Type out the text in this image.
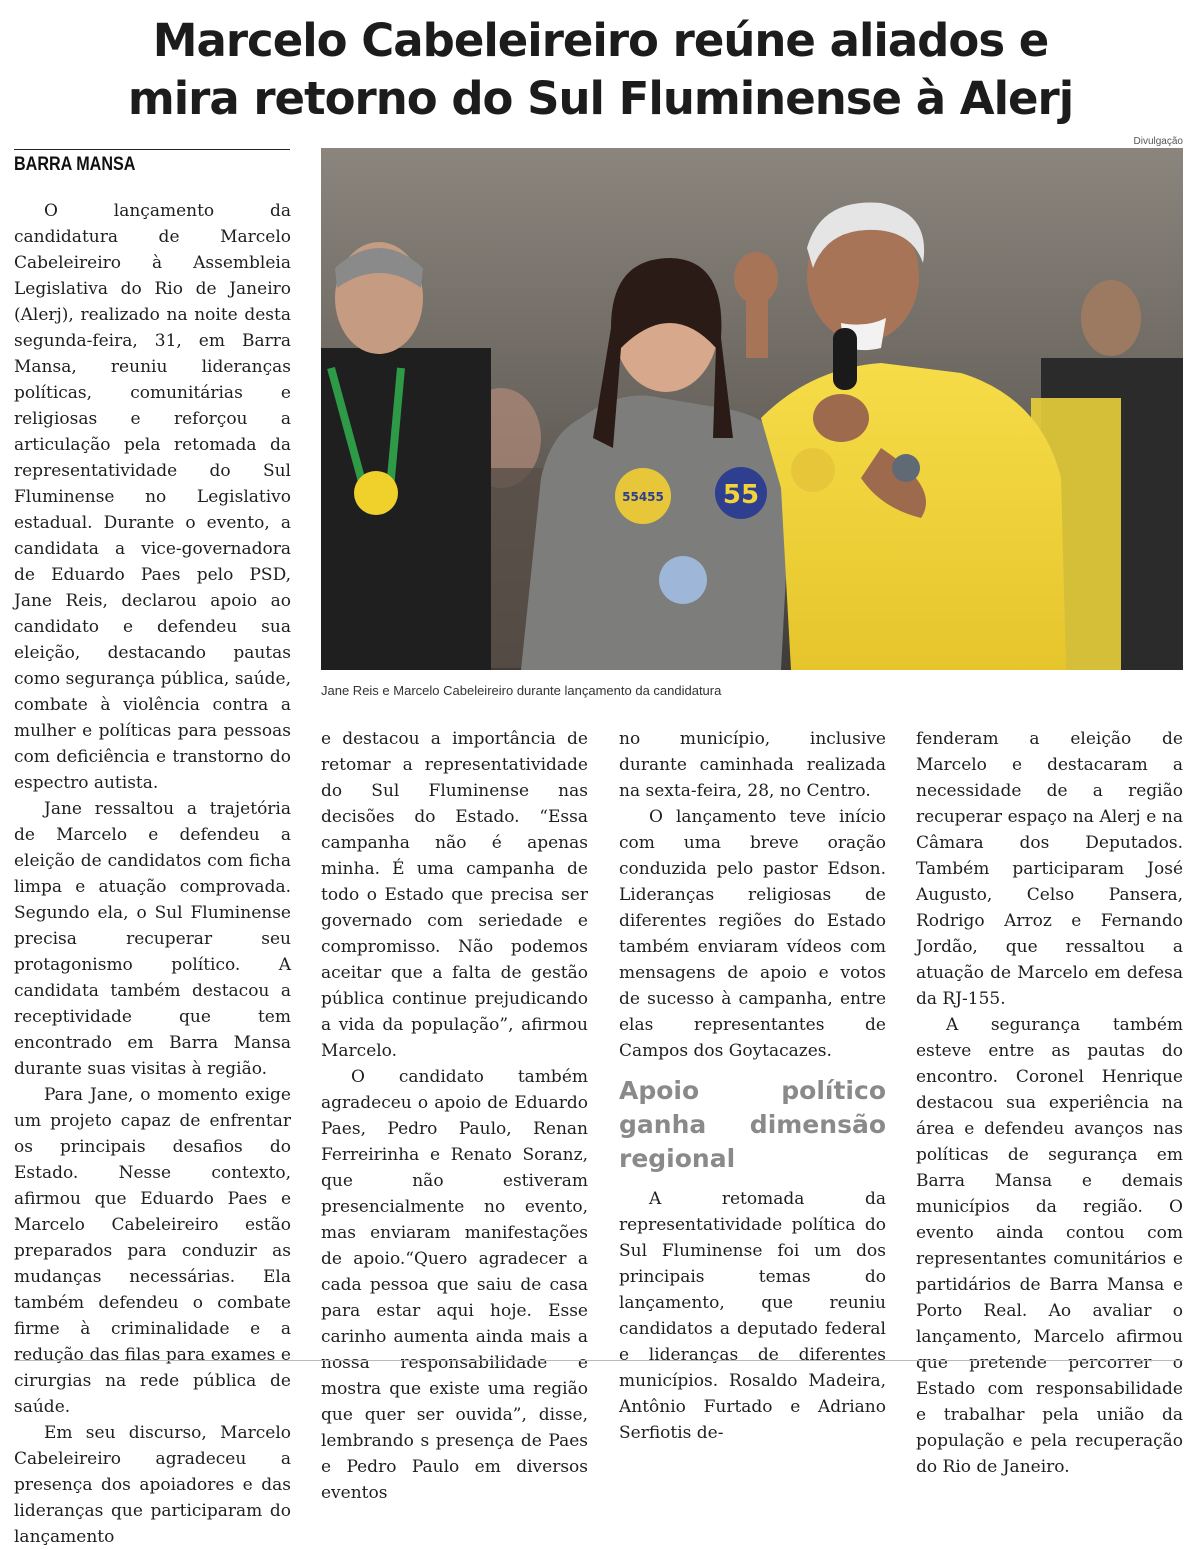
Marcelo Cabeleireiro reúne aliados e
mira retorno do Sul Fluminense à Alerj
Divulgação
BARRA MANSA
55455 55
Jane Reis e Marcelo Cabeleireiro durante lançamento da candidatura

O lançamento da candidatura de Marcelo Cabeleireiro à Assembleia Legislativa do Rio de Janeiro (Alerj), realizado na noite desta segunda-feira, 31, em Barra Mansa, reuniu lideranças políticas, comunitárias e religiosas e reforçou a articulação pela retomada da representatividade do Sul Fluminense no Legislativo estadual. Durante o evento, a candidata a vice-governadora de Eduardo Paes pelo PSD, Jane Reis, declarou apoio ao candidato e defendeu sua eleição, destacando pautas como segurança pública, saúde, combate à violência contra a mulher e políticas para pessoas com deficiência e transtorno do espectro autista.

Jane ressaltou a trajetória de Marcelo e defendeu a eleição de candidatos com ficha limpa e atuação comprovada. Segundo ela, o Sul Fluminense precisa recuperar seu protagonismo político. A candidata também destacou a receptividade que tem encontrado em Barra Mansa durante suas visitas à região.

Para Jane, o momento exige um projeto capaz de enfrentar os principais desafios do Estado. Nesse contexto, afirmou que Eduardo Paes e Marcelo Cabeleireiro estão preparados para conduzir as mudanças necessárias. Ela também defendeu o combate firme à criminalidade e a redução das filas para exames e cirurgias na rede pública de saúde.

Em seu discurso, Marcelo Cabeleireiro agradeceu a presença dos apoiadores e das lideranças que participaram do lançamento

e destacou a importância de retomar a representatividade do Sul Fluminense nas decisões do Estado. “Essa campanha não é apenas minha. É uma campanha de todo o Estado que precisa ser governado com seriedade e compromisso. Não podemos aceitar que a falta de gestão pública continue prejudicando a vida da população”, afirmou Marcelo.

O candidato também agradeceu o apoio de Eduardo Paes, Pedro Paulo, Renan Ferreirinha e Renato Soranz, que não estiveram presencialmente no evento, mas enviaram manifestações de apoio.“Quero agradecer a cada pessoa que saiu de casa para estar aqui hoje. Esse carinho aumenta ainda mais a nossa responsabilidade e mostra que existe uma região que quer ser ouvida”, disse, lembrando s presença de Paes e Pedro Paulo em diversos eventos

no município, inclusive durante caminhada realizada na sexta-feira, 28, no Centro.

O lançamento teve início com uma breve oração conduzida pelo pastor Edson. Lideranças religiosas de diferentes regiões do Estado também enviaram vídeos com mensagens de apoio e votos de sucesso à campanha, entre elas representantes de Campos dos Goytacazes.

Apoio político ganha dimensão regional

A retomada da representatividade política do Sul Fluminense foi um dos principais temas do lançamento, que reuniu candidatos a deputado federal e lideranças de diferentes municípios. Rosaldo Madeira, Antônio Furtado e Adriano Serfiotis de-

fenderam a eleição de Marcelo e destacaram a necessidade de a região recuperar espaço na Alerj e na Câmara dos Deputados. Também participaram José Augusto, Celso Pansera, Rodrigo Arroz e Fernando Jordão, que ressaltou a atuação de Marcelo em defesa da RJ-155.

A segurança também esteve entre as pautas do encontro. Coronel Henrique destacou sua experiência na área e defendeu avanços nas políticas de segurança em Barra Mansa e demais municípios da região. O evento ainda contou com representantes comunitários e partidários de Barra Mansa e Porto Real. Ao avaliar o lançamento, Marcelo afirmou que pretende percorrer o Estado com responsabilidade e trabalhar pela união da população e pela recuperação do Rio de Janeiro.
